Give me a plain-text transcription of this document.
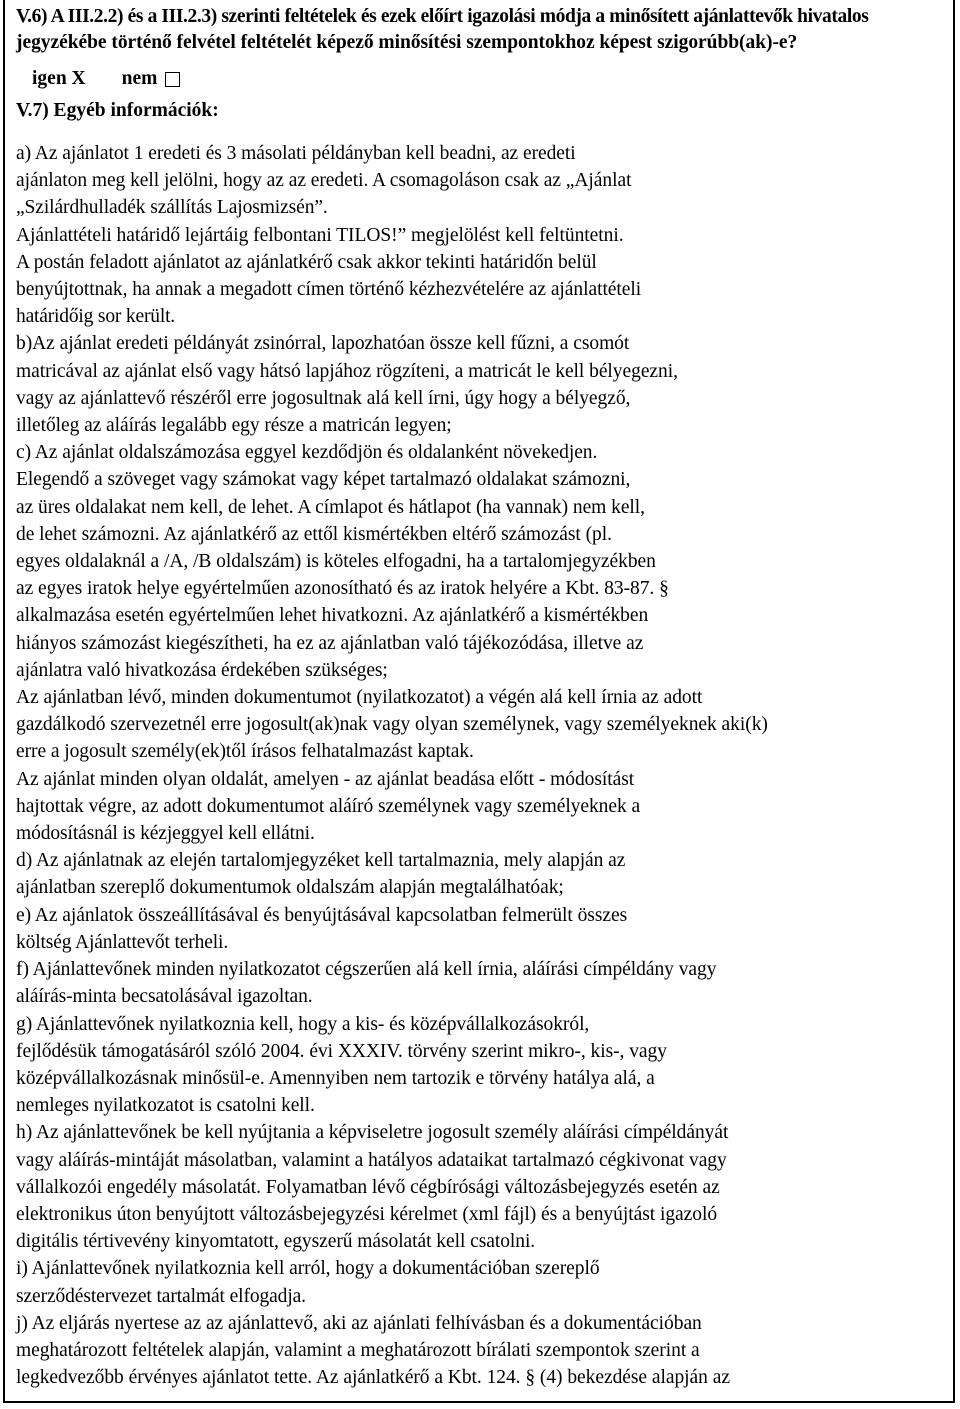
V.6) A III.2.2) és a III.2.3) szerinti feltételek és ezek előírt igazolási módja a minősített ajánlattevők hivatalos
jegyzékébe történő felvétel feltételét képező minősítési szempontokhoz képest szigorúbb(ak)-e?
igen X nem
V.7) Egyéb információk:
a) Az ajánlatot 1 eredeti és 3 másolati példányban kell beadni, az eredeti
ajánlaton meg kell jelölni, hogy az az eredeti. A csomagoláson csak az „Ajánlat
„Szilárdhulladék szállítás Lajosmizsén”.
Ajánlattételi határidő lejártáig felbontani TILOS!” megjelölést kell feltüntetni.
A postán feladott ajánlatot az ajánlatkérő csak akkor tekinti határidőn belül
benyújtottnak, ha annak a megadott címen történő kézhezvételére az ajánlattételi
határidőig sor került.
b)Az ajánlat eredeti példányát zsinórral, lapozhatóan össze kell fűzni, a csomót
matricával az ajánlat első vagy hátsó lapjához rögzíteni, a matricát le kell bélyegezni,
vagy az ajánlattevő részéről erre jogosultnak alá kell írni, úgy hogy a bélyegző,
illetőleg az aláírás legalább egy része a matricán legyen;
c) Az ajánlat oldalszámozása eggyel kezdődjön és oldalanként növekedjen.
Elegendő a szöveget vagy számokat vagy képet tartalmazó oldalakat számozni,
az üres oldalakat nem kell, de lehet. A címlapot és hátlapot (ha vannak) nem kell,
de lehet számozni. Az ajánlatkérő az ettől kismértékben eltérő számozást (pl.
egyes oldalaknál a /A, /B oldalszám) is köteles elfogadni, ha a tartalomjegyzékben
az egyes iratok helye egyértelműen azonosítható és az iratok helyére a Kbt. 83-87. §
alkalmazása esetén egyértelműen lehet hivatkozni. Az ajánlatkérő a kismértékben
hiányos számozást kiegészítheti, ha ez az ajánlatban való tájékozódása, illetve az
ajánlatra való hivatkozása érdekében szükséges;
Az ajánlatban lévő, minden dokumentumot (nyilatkozatot) a végén alá kell írnia az adott
gazdálkodó szervezetnél erre jogosult(ak)nak vagy olyan személynek, vagy személyeknek aki(k)
erre a jogosult személy(ek)től írásos felhatalmazást kaptak.
Az ajánlat minden olyan oldalát, amelyen - az ajánlat beadása előtt - módosítást
hajtottak végre, az adott dokumentumot aláíró személynek vagy személyeknek a
módosításnál is kézjeggyel kell ellátni.
d) Az ajánlatnak az elején tartalomjegyzéket kell tartalmaznia, mely alapján az
ajánlatban szereplő dokumentumok oldalszám alapján megtalálhatóak;
e) Az ajánlatok összeállításával és benyújtásával kapcsolatban felmerült összes
költség Ajánlattevőt terheli.
f) Ajánlattevőnek minden nyilatkozatot cégszerűen alá kell írnia, aláírási címpéldány vagy
aláírás-minta becsatolásával igazoltan.
g) Ajánlattevőnek nyilatkoznia kell, hogy a kis- és középvállalkozásokról,
fejlődésük támogatásáról szóló 2004. évi XXXIV. törvény szerint mikro-, kis-, vagy
középvállalkozásnak minősül-e. Amennyiben nem tartozik e törvény hatálya alá, a
nemleges nyilatkozatot is csatolni kell.
h) Az ajánlattevőnek be kell nyújtania a képviseletre jogosult személy aláírási címpéldányát
vagy aláírás-mintáját másolatban, valamint a hatályos adataikat tartalmazó cégkivonat vagy
vállalkozói engedély másolatát. Folyamatban lévő cégbírósági változásbejegyzés esetén az
elektronikus úton benyújtott változásbejegyzési kérelmet (xml fájl) és a benyújtást igazoló
digitális tértivevény kinyomtatott, egyszerű másolatát kell csatolni.
i) Ajánlattevőnek nyilatkoznia kell arról, hogy a dokumentációban szereplő
szerződéstervezet tartalmát elfogadja.
j) Az eljárás nyertese az az ajánlattevő, aki az ajánlati felhívásban és a dokumentációban
meghatározott feltételek alapján, valamint a meghatározott bírálati szempontok szerint a
legkedvezőbb érvényes ajánlatot tette. Az ajánlatkérő a Kbt. 124. § (4) bekezdése alapján az
